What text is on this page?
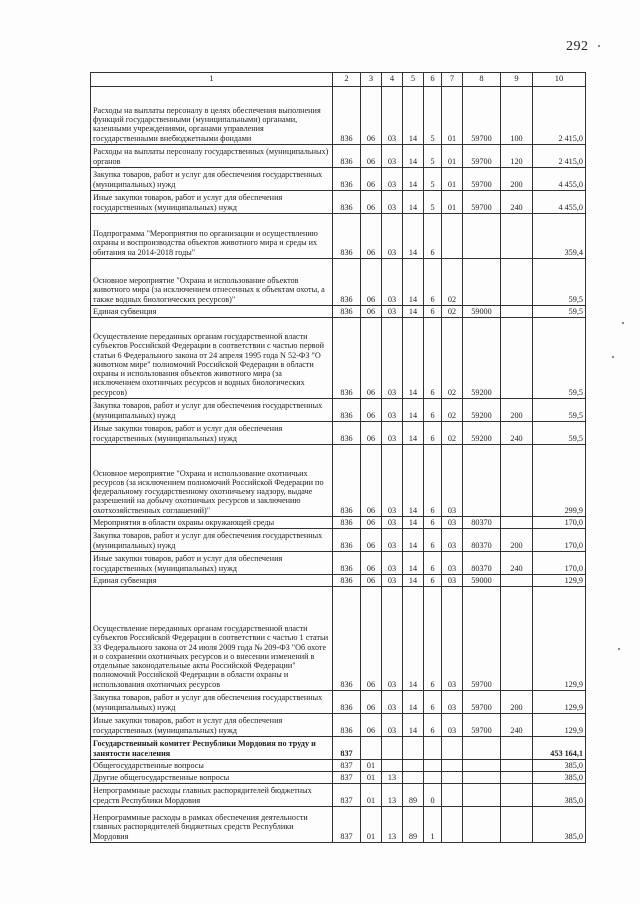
292
1	2	3	4	5	6	7	8	9	10
Расходы на выплаты персоналу в целях обеспечения выполнения функций государственными (муниципальными) органами, казенными учреждениями, органами управления государственными внебюджетными фондами	836	06	03	14	5	01	59700	100	2 415,0
Расходы на выплаты персоналу государственных (муниципальных) органов	836	06	03	14	5	01	59700	120	2 415,0
Закупка товаров, работ и услуг для обеспечения государственных (муниципальных) нужд	836	06	03	14	5	01	59700	200	4 455,0
Иные закупки товаров, работ и услуг для обеспечения государственных (муниципальных) нужд	836	06	03	14	5	01	59700	240	4 455,0
Подпрограмма "Мероприятия по организации и осуществлению охраны и воспроизводства объектов животного мира и среды их обитания на 2014-2018 годы"	836	06	03	14	6				359,4
Основное мероприятие "Охрана и использование объектов животного мира (за исключением отнесенных к объектам охоты, а также водных биологических ресурсов)"	836	06	03	14	6	02			59,5
Единая субвенция	836	06	03	14	6	02	59000		59,5
Осуществление переданных органам государственной власти субъектов Российской Федерации в соответствии с частью первой статьи 6 Федерального закона от 24 апреля 1995 года N 52-ФЗ "О животном мире" полномочий Российской Федерации в области охраны и использования объектов животного мира (за исключением охотничьих ресурсов и водных биологических ресурсов)	836	06	03	14	6	02	59200		59,5
Закупка товаров, работ и услуг для обеспечения государственных (муниципальных) нужд	836	06	03	14	6	02	59200	200	59,5
Иные закупки товаров, работ и услуг для обеспечения государственных (муниципальных) нужд	836	06	03	14	6	02	59200	240	59,5
Основное мероприятие "Охрана и использование охотничьих ресурсов (за исключением полномочий Российской Федерации по федеральному государственному охотничьему надзору, выдаче разрешений на добычу охотничьих ресурсов и заключению охотхозяйственных соглашений)"	836	06	03	14	6	03			299,9
Мероприятия в области охраны окружающей среды	836	06	03	14	6	03	80370		170,0
Закупка товаров, работ и услуг для обеспечения государственных (муниципальных) нужд	836	06	03	14	6	03	80370	200	170,0
Иные закупки товаров, работ и услуг для обеспечения государственных (муниципальных) нужд	836	06	03	14	6	03	80370	240	170,0
Единая субвенция	836	06	03	14	6	03	59000		129,9
Осуществление переданных органам государственной власти субъектов Российской Федерации в соответствии с частью 1 статьи 33 Федерального закона от 24 июля 2009 года № 209-ФЗ "Об охоте и о сохранении охотничьих ресурсов и о внесении изменений в отдельные законодательные акты Российской Федерации" полномочий Российской Федерации в области охраны и использования охотничьих ресурсов	836	06	03	14	6	03	59700		129,9
Закупка товаров, работ и услуг для обеспечения государственных (муниципальных) нужд	836	06	03	14	6	03	59700	200	129,9
Иные закупки товаров, работ и услуг для обеспечения государственных (муниципальных) нужд	836	06	03	14	6	03	59700	240	129,9
Государственный комитет Республики Мордовия по труду и занятости населения	837								453 164,1
Общегосударственные вопросы	837	01							385,0
Другие общегосударственные вопросы	837	01	13						385,0
Непрограммные расходы главных распорядителей бюджетных средств Республики Мордовия	837	01	13	89	0				385,0
Непрограммные расходы в рамках обеспечения деятельности главных распорядителей бюджетных средств Республики Мордовия	837	01	13	89	1				385,0
